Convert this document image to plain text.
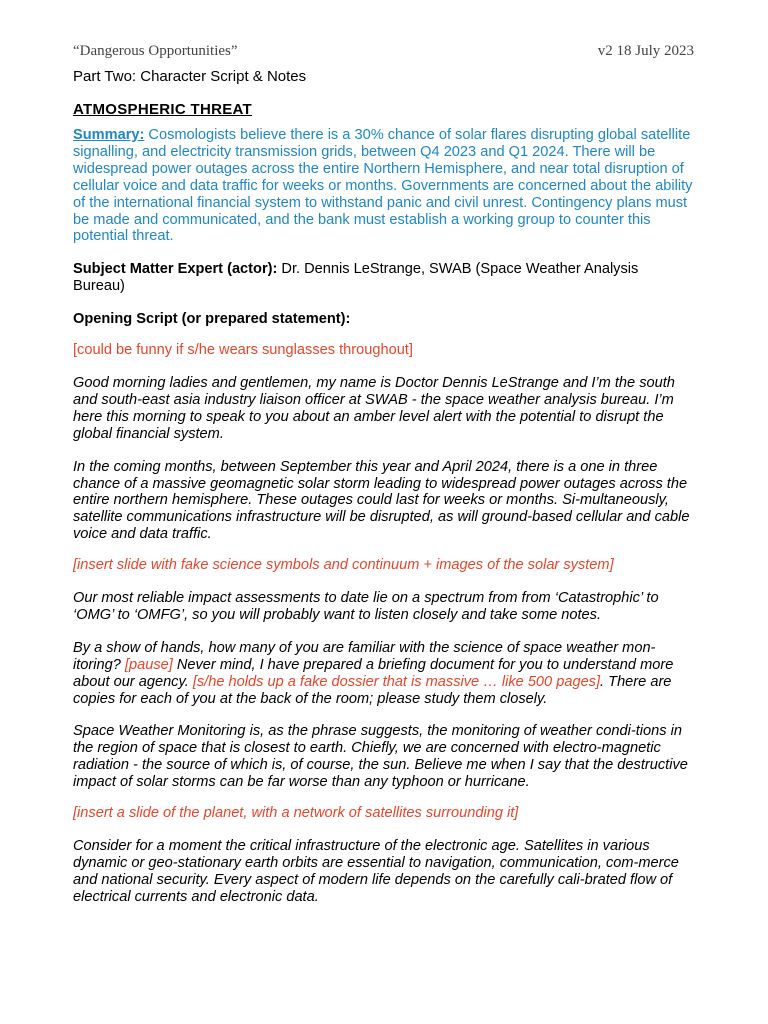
“Dangerous Opportunities”	v2 18 July 2023
Part Two: Character Script & Notes
ATMOSPHERIC THREAT
Summary: Cosmologists believe there is a 30% chance of solar flares disrupting global satellite signalling, and electricity transmission grids, between Q4 2023 and Q1 2024. There will be widespread power outages across the entire Northern Hemisphere, and near total disruption of cellular voice and data traffic for weeks or months. Governments are concerned about the ability of the international financial system to withstand panic and civil unrest. Contingency plans must be made and communicated, and the bank must establish a working group to counter this potential threat.
Subject Matter Expert (actor): Dr. Dennis LeStrange, SWAB (Space Weather Analysis Bureau)
Opening Script (or prepared statement):
[could be funny if s/he wears sunglasses throughout]
Good morning ladies and gentlemen, my name is Doctor Dennis LeStrange and I’m the south and south-east asia industry liaison officer at SWAB - the space weather analysis bureau. I’m here this morning to speak to you about an amber level alert with the potential to disrupt the global financial system.
In the coming months, between September this year and April 2024, there is a one in three chance of a massive geomagnetic solar storm leading to widespread power outages across the entire northern hemisphere. These outages could last for weeks or months. Si-multaneously, satellite communications infrastructure will be disrupted, as will ground-based cellular and cable voice and data traffic.
[insert slide with fake science symbols and continuum + images of the solar system]
Our most reliable impact assessments to date lie on a spectrum from from ‘Catastrophic’ to ‘OMG’ to ‘OMFG’, so you will probably want to listen closely and take some notes.
By a show of hands, how many of you are familiar with the science of space weather mon-itoring? [pause] Never mind, I have prepared a briefing document for you to understand more about our agency. [s/he holds up a fake dossier that is massive … like 500 pages]. There are copies for each of you at the back of the room; please study them closely.
Space Weather Monitoring is, as the phrase suggests, the monitoring of weather condi-tions in the region of space that is closest to earth. Chiefly, we are concerned with electro-magnetic radiation - the source of which is, of course, the sun. Believe me when I say that the destructive impact of solar storms can be far worse than any typhoon or hurricane.
[insert a slide of the planet, with a network of satellites surrounding it]
Consider for a moment the critical infrastructure of the electronic age. Satellites in various dynamic or geo-stationary earth orbits are essential to navigation, communication, com-merce and national security. Every aspect of modern life depends on the carefully cali-brated flow of electrical currents and electronic data.
